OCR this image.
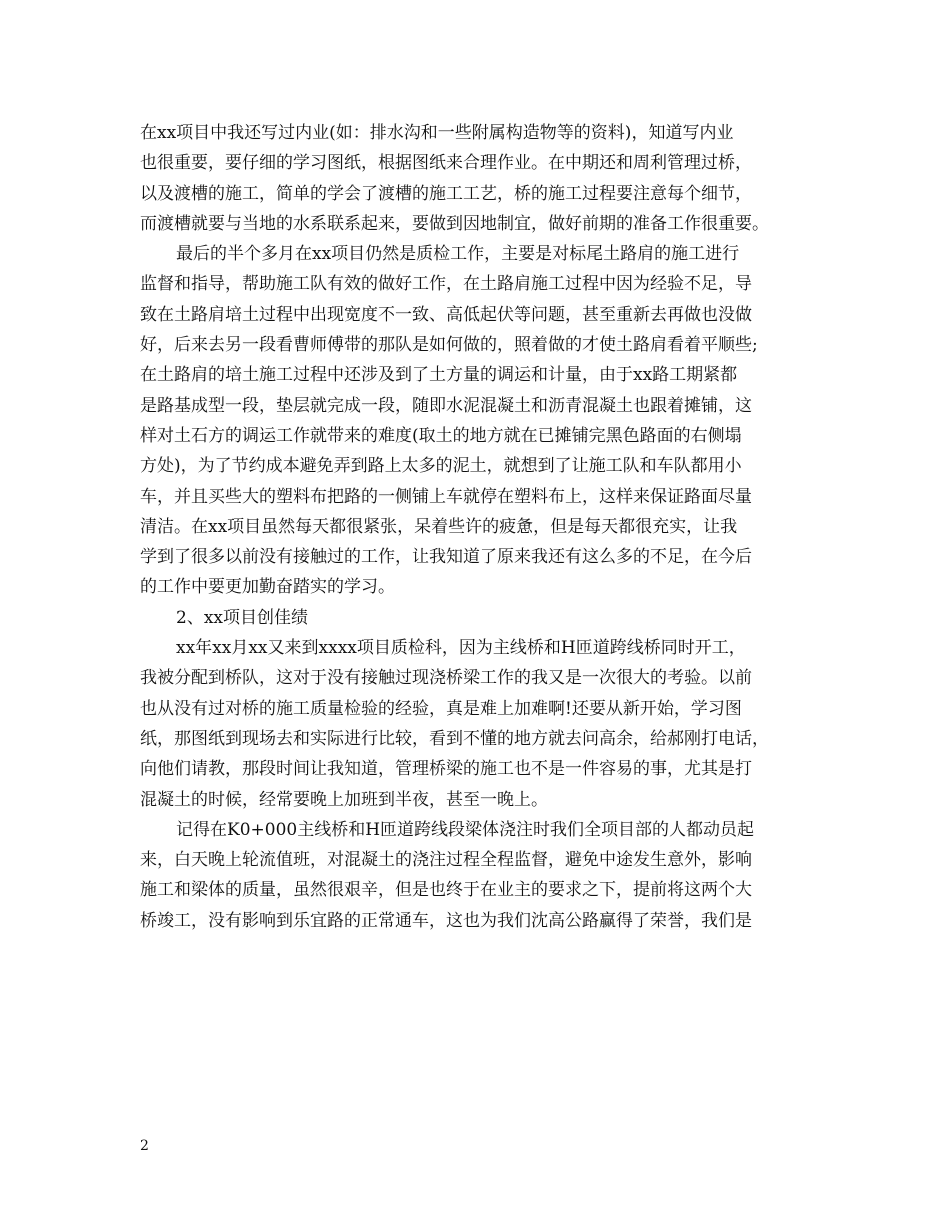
在xx项目中我还写过内业(如：排水沟和一些附属构造物等的资料)，知道写内业
也很重要，要仔细的学习图纸，根据图纸来合理作业。在中期还和周利管理过桥，
以及渡槽的施工，简单的学会了渡槽的施工工艺，桥的施工过程要注意每个细节，
而渡槽就要与当地的水系联系起来，要做到因地制宜，做好前期的准备工作很重要。
最后的半个多月在xx项目仍然是质检工作，主要是对标尾土路肩的施工进行
监督和指导，帮助施工队有效的做好工作，在土路肩施工过程中因为经验不足，导
致在土路肩培土过程中出现宽度不一致、高低起伏等问题，甚至重新去再做也没做
好，后来去另一段看曹师傅带的那队是如何做的，照着做的才使土路肩看着平顺些;
在土路肩的培土施工过程中还涉及到了土方量的调运和计量，由于xx路工期紧都
是路基成型一段，垫层就完成一段，随即水泥混凝土和沥青混凝土也跟着摊铺，这
样对土石方的调运工作就带来的难度(取土的地方就在已摊铺完黑色路面的右侧塌
方处)，为了节约成本避免弄到路上太多的泥土，就想到了让施工队和车队都用小
车，并且买些大的塑料布把路的一侧铺上车就停在塑料布上，这样来保证路面尽量
清洁。在xx项目虽然每天都很紧张，呆着些许的疲惫，但是每天都很充实，让我
学到了很多以前没有接触过的工作，让我知道了原来我还有这么多的不足，在今后
的工作中要更加勤奋踏实的学习。
2、xx项目创佳绩
xx年xx月xx又来到xxxx项目质检科，因为主线桥和H匝道跨线桥同时开工，
我被分配到桥队，这对于没有接触过现浇桥梁工作的我又是一次很大的考验。以前
也从没有过对桥的施工质量检验的经验，真是难上加难啊!还要从新开始，学习图
纸，那图纸到现场去和实际进行比较，看到不懂的地方就去问高余，给郝刚打电话，
向他们请教，那段时间让我知道，管理桥梁的施工也不是一件容易的事，尤其是打
混凝土的时候，经常要晚上加班到半夜，甚至一晚上。
记得在K0+000主线桥和H匝道跨线段梁体浇注时我们全项目部的人都动员起
来，白天晚上轮流值班，对混凝土的浇注过程全程监督，避免中途发生意外，影响
施工和梁体的质量，虽然很艰辛，但是也终于在业主的要求之下，提前将这两个大
桥竣工，没有影响到乐宜路的正常通车，这也为我们沈高公路赢得了荣誉，我们是
2
